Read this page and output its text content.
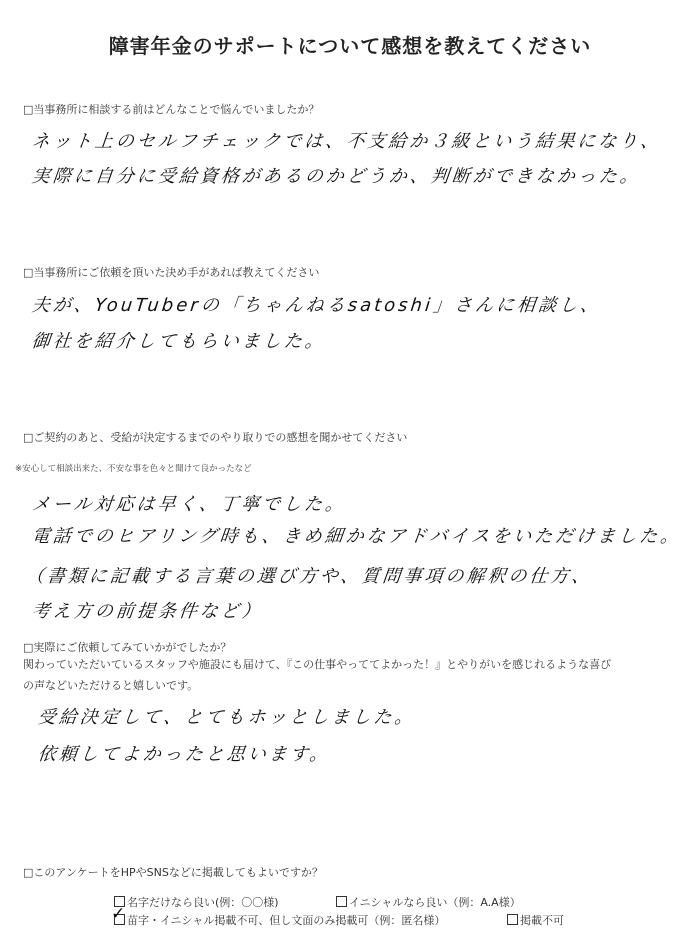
障害年金のサポートについて感想を教えてください
□当事務所に相談する前はどんなことで悩んでいましたか？
ネット上のセルフチェックでは、不支給か３級という結果になり、
実際に自分に受給資格があるのかどうか、判断ができなかった。
□当事務所にご依頼を頂いた決め手があれば教えてください
夫が、YouTuberの「ちゃんねるsatoshi」さんに相談し、
御社を紹介してもらいました。
□ご契約のあと、受給が決定するまでのやり取りでの感想を聞かせてください
※安心して相談出来た、不安な事を色々と聞けて良かったなど
メール対応は早く、丁寧でした。
電話でのヒアリング時も、きめ細かなアドバイスをいただけました。
（書類に記載する言葉の選び方や、質問事項の解釈の仕方、
考え方の前提条件など）
□実際にご依頼してみていかがでしたか？
関わっていただいているスタッフや施設にも届けて、『この仕事やっててよかった！』とやりがいを感じれるような喜び
の声などいただけると嬉しいです。
受給決定して、とてもホッとしました。
依頼してよかったと思います。
□このアンケートをHPやSNSなどに掲載してもよいですか？
名字だけなら良い(例：〇〇様)	イニシャルなら良い（例：A.A様）
苗字・イニシャル掲載不可、但し文面のみ掲載可（例：匿名様）	掲載不可
✓
